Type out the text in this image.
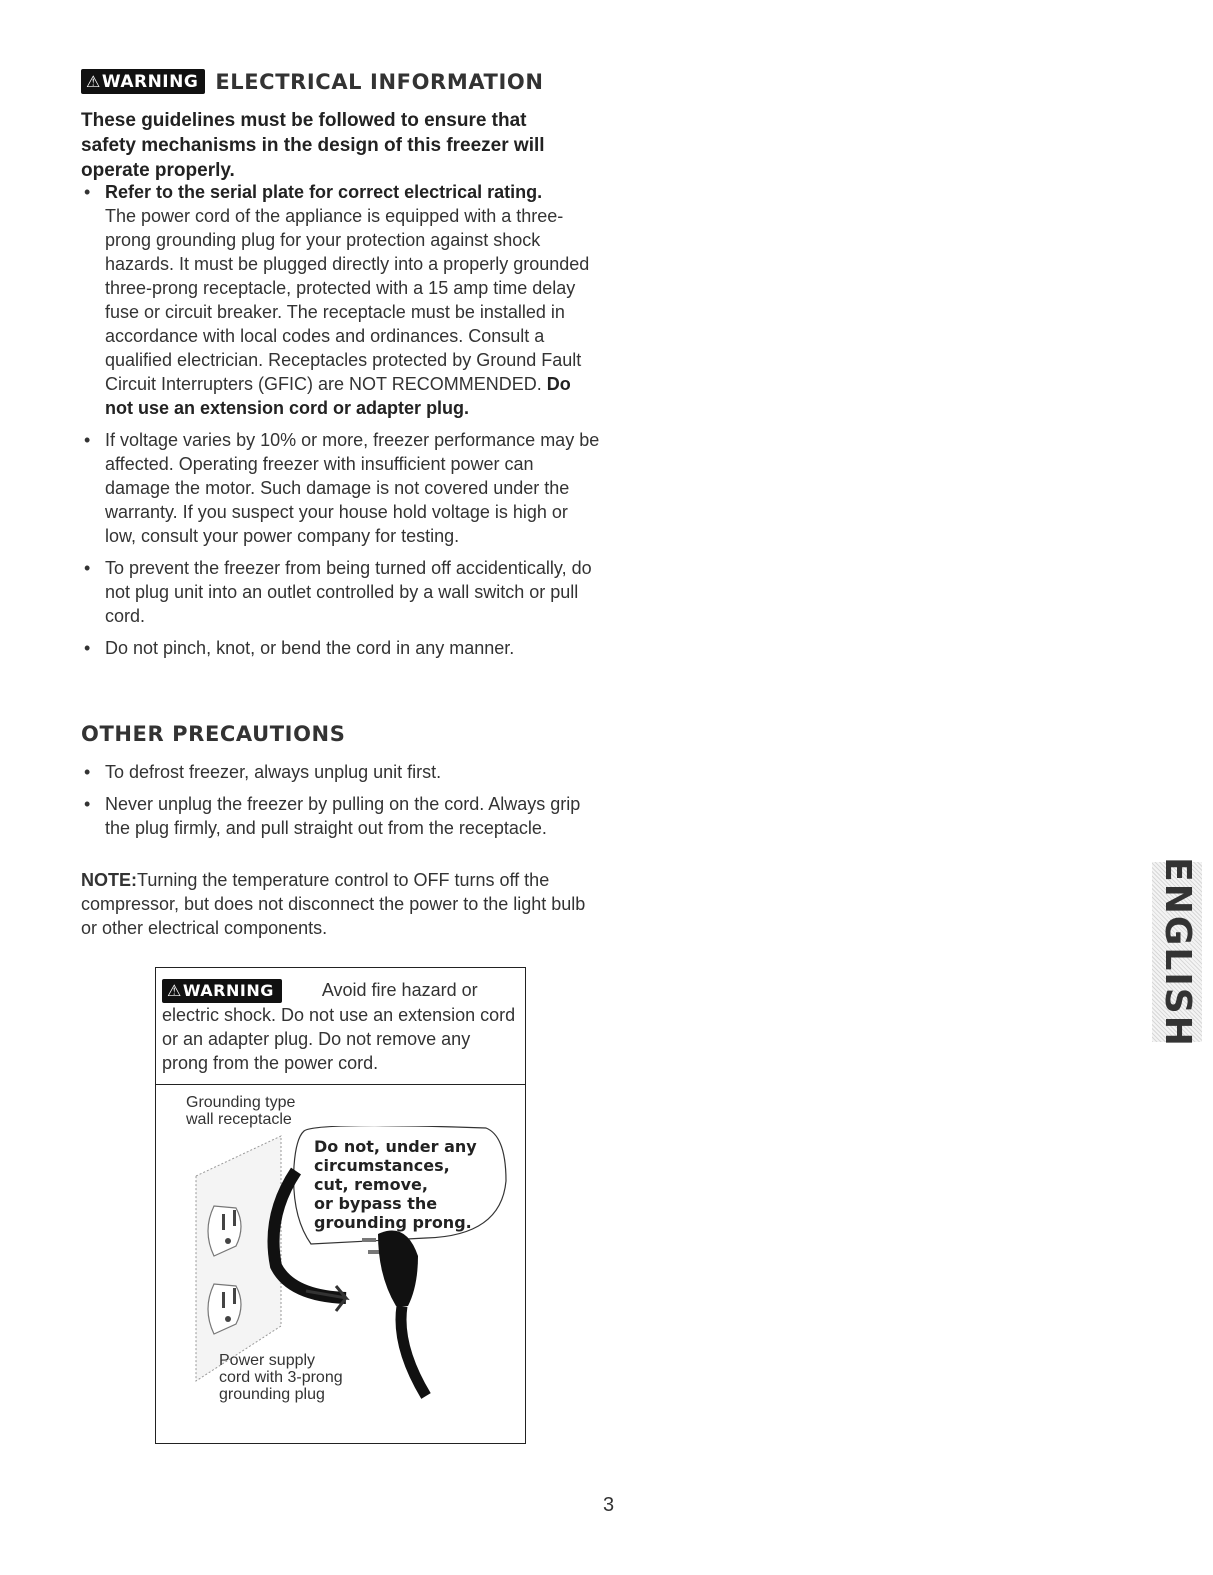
⚠WARNING ELECTRICAL INFORMATION
These guidelines must be followed to ensure that safety mechanisms in the design of this freezer will operate properly.
• Refer to the serial plate for correct electrical rating.
The power cord of the appliance is equipped with a three-prong grounding plug for your protection against shock hazards. It must be plugged directly into a properly grounded three-prong receptacle, protected with a 15 amp time delay fuse or circuit breaker. The receptacle must be installed in accordance with local codes and ordinances. Consult a qualified electrician. Receptacles protected by Ground Fault Circuit Interrupters (GFIC) are NOT RECOMMENDED. Do not use an extension cord or adapter plug.
• If voltage varies by 10% or more, freezer performance may be affected. Operating freezer with insufficient power can damage the motor. Such damage is not covered under the warranty. If you suspect your house hold voltage is high or low, consult your power company for testing.
• To prevent the freezer from being turned off accidentically, do not plug unit into an outlet controlled by a wall switch or pull cord.
• Do not pinch, knot, or bend the cord in any manner.
OTHER PRECAUTIONS
• To defrost freezer, always unplug unit first.
• Never unplug the freezer by pulling on the cord. Always grip the plug firmly, and pull straight out from the receptacle.
NOTE:Turning the temperature control to OFF turns off the compressor, but does not disconnect the power to the light bulb or other electrical components.
⚠WARNING	Avoid fire hazard or electric shock. Do not use an extension cord or an adapter plug. Do not remove any prong from the power cord.
Grounding type
wall receptacle
Do not, under any
circumstances,
cut, remove,
or bypass the
grounding prong.
Power supply
cord with 3-prong
grounding plug
ENGLISH
3
